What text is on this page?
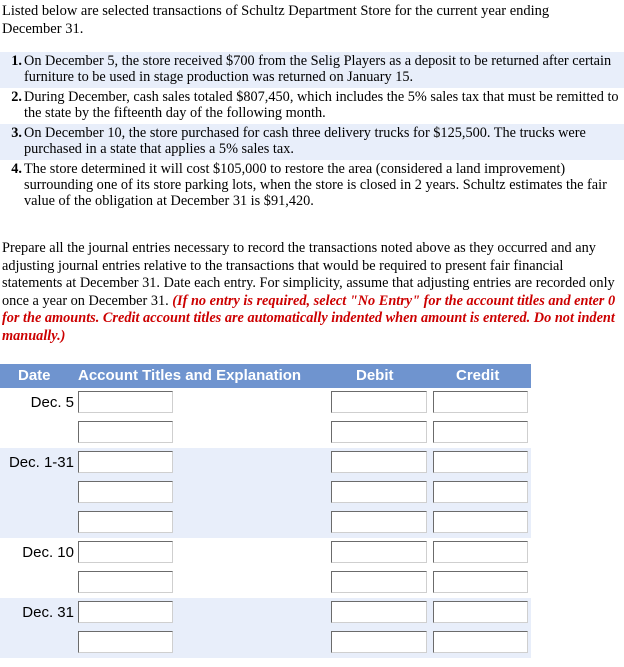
Listed below are selected transactions of Schultz Department Store for the current year ending December 31.
1. On December 5, the store received $700 from the Selig Players as a deposit to be returned after certain furniture to be used in stage production was returned on January 15.
2. During December, cash sales totaled $807,450, which includes the 5% sales tax that must be remitted to the state by the fifteenth day of the following month.
3. On December 10, the store purchased for cash three delivery trucks for $125,500. The trucks were purchased in a state that applies a 5% sales tax.
4. The store determined it will cost $105,000 to restore the area (considered a land improvement) surrounding one of its store parking lots, when the store is closed in 2 years. Schultz estimates the fair value of the obligation at December 31 is $91,420.
Prepare all the journal entries necessary to record the transactions noted above as they occurred and any adjusting journal entries relative to the transactions that would be required to present fair financial statements at December 31. Date each entry. For simplicity, assume that adjusting entries are recorded only once a year on December 31. (If no entry is required, select "No Entry" for the account titles and enter 0 for the amounts. Credit account titles are automatically indented when amount is entered. Do not indent manually.)
Date Account Titles and Explanation	Debit	Credit
Dec. 5
Dec. 1-31
Dec. 10
Dec. 31
